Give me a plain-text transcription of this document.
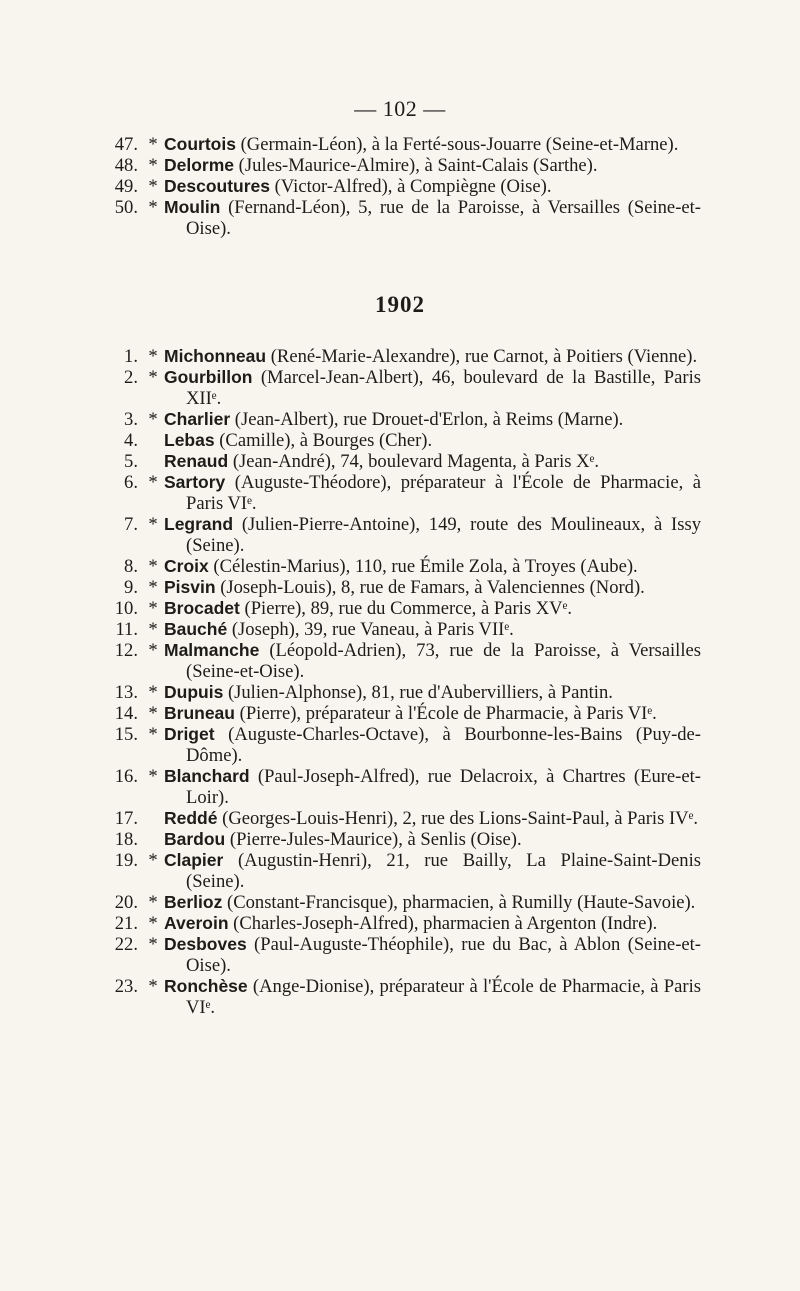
— 102 —
47. * Courtois (Germain-Léon), à la Ferté-sous-Jouarre (Seine-et-Marne).
48. * Delorme (Jules-Maurice-Almire), à Saint-Calais (Sarthe).
49. * Descoutures (Victor-Alfred), à Compiègne (Oise).
50. * Moulin (Fernand-Léon), 5, rue de la Paroisse, à Versailles (Seine-et-Oise).
1902
1. * Michonneau (René-Marie-Alexandre), rue Carnot, à Poitiers (Vienne).
2. * Gourbillon (Marcel-Jean-Albert), 46, boulevard de la Bastille, Paris XIIᵉ.
3. * Charlier (Jean-Albert), rue Drouet-d'Erlon, à Reims (Marne).
4. Lebas (Camille), à Bourges (Cher).
5. Renaud (Jean-André), 74, boulevard Magenta, à Paris Xᵉ.
6. * Sartory (Auguste-Théodore), préparateur à l'École de Pharmacie, à Paris VIᵉ.
7. * Legrand (Julien-Pierre-Antoine), 149, route des Moulineaux, à Issy (Seine).
8. * Croix (Célestin-Marius), 110, rue Émile Zola, à Troyes (Aube).
9. * Pisvin (Joseph-Louis), 8, rue de Famars, à Valenciennes (Nord).
10. * Brocadet (Pierre), 89, rue du Commerce, à Paris XVᵉ.
11. * Bauché (Joseph), 39, rue Vaneau, à Paris VIIᵉ.
12. * Malmanche (Léopold-Adrien), 73, rue de la Paroisse, à Versailles (Seine-et-Oise).
13. * Dupuis (Julien-Alphonse), 81, rue d'Aubervilliers, à Pantin.
14. * Bruneau (Pierre), préparateur à l'École de Pharmacie, à Paris VIᵉ.
15. * Driget (Auguste-Charles-Octave), à Bourbonne-les-Bains (Puy-de-Dôme).
16. * Blanchard (Paul-Joseph-Alfred), rue Delacroix, à Chartres (Eure-et-Loir).
17. Reddé (Georges-Louis-Henri), 2, rue des Lions-Saint-Paul, à Paris IVᵉ.
18. Bardou (Pierre-Jules-Maurice), à Senlis (Oise).
19. * Clapier (Augustin-Henri), 21, rue Bailly, La Plaine-Saint-Denis (Seine).
20. * Berlioz (Constant-Francisque), pharmacien, à Rumilly (Haute-Savoie).
21. * Averoin (Charles-Joseph-Alfred), pharmacien à Argenton (Indre).
22. * Desboves (Paul-Auguste-Théophile), rue du Bac, à Ablon (Seine-et-Oise).
23. * Ronchèse (Ange-Dionise), préparateur à l'École de Pharmacie, à Paris VIᵉ.
